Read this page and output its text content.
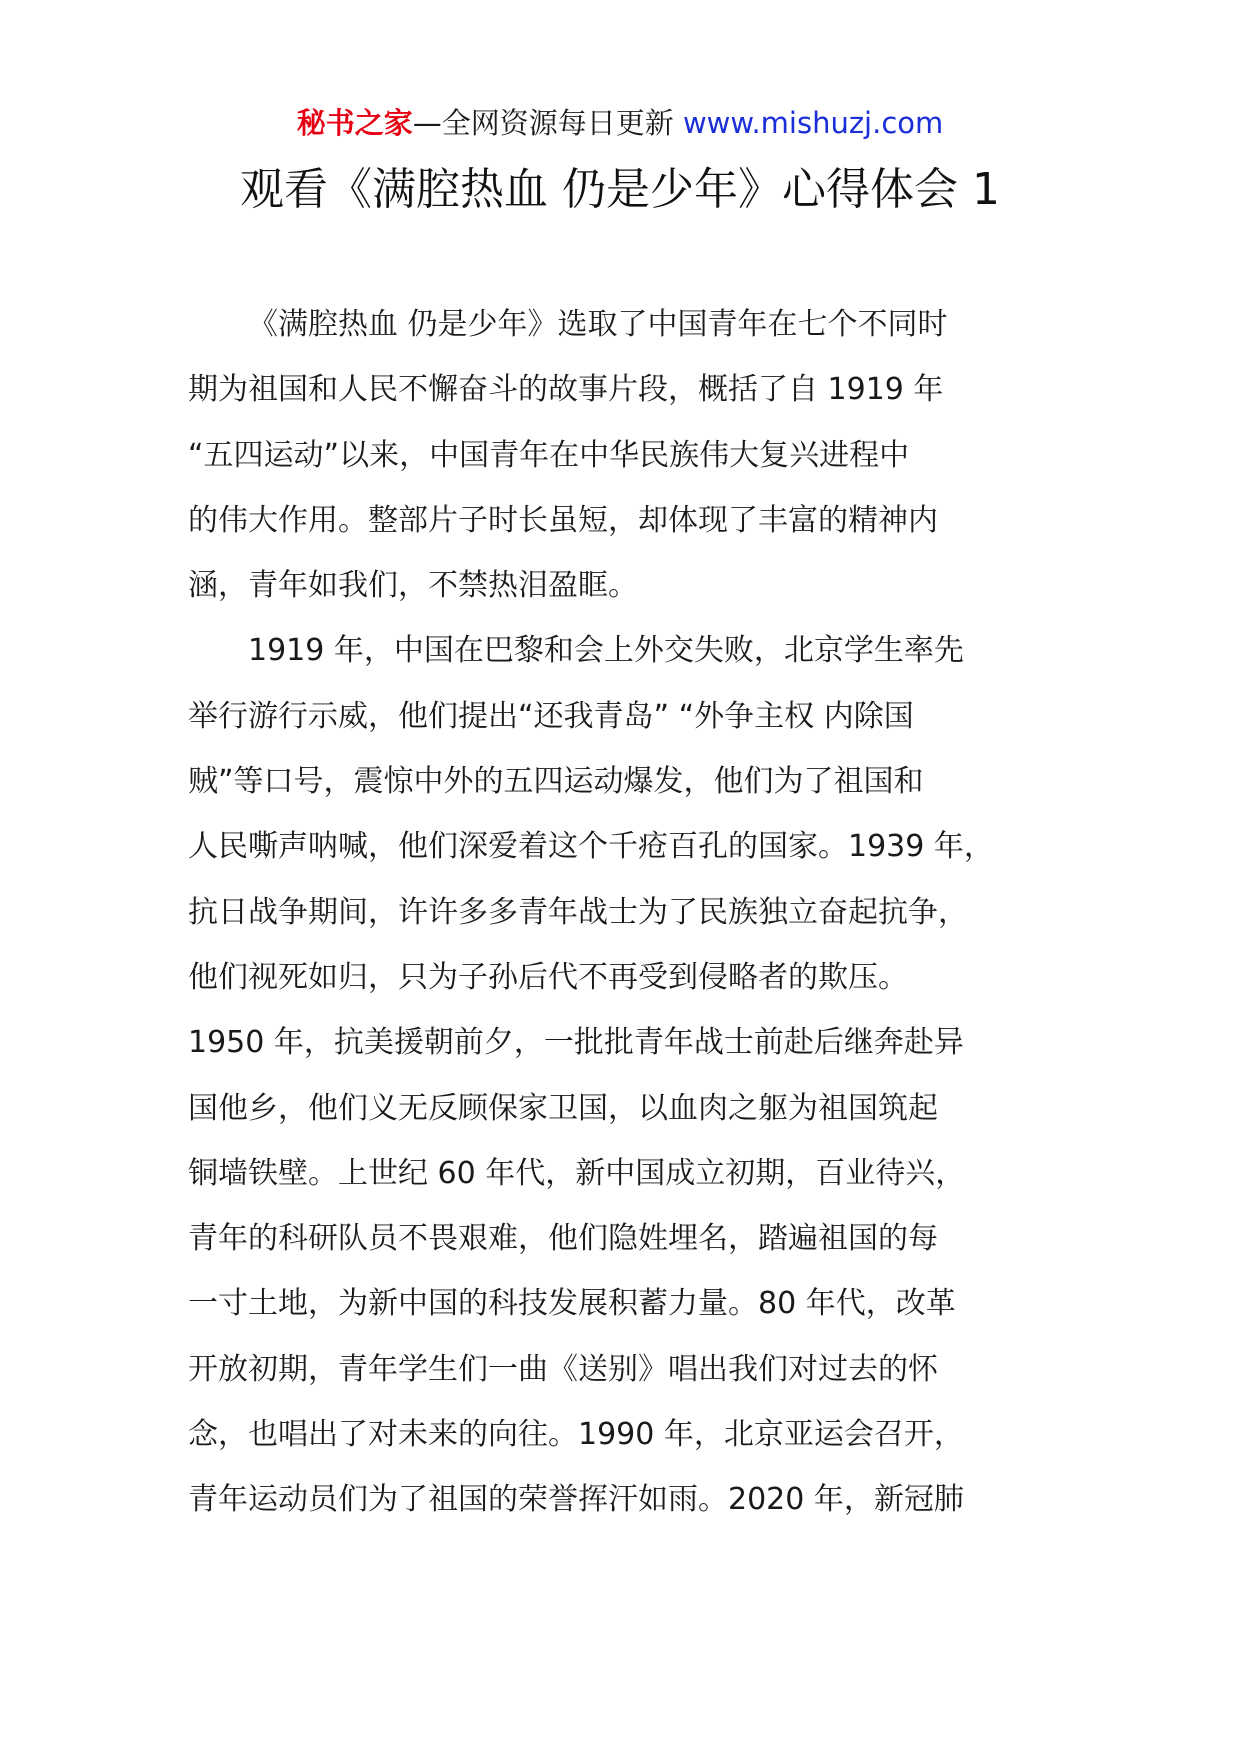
秘书之家—全网资源每日更新 www.mishuzj.com
观看《满腔热血 仍是少年》心得体会 1
《满腔热血 仍是少年》选取了中国青年在七个不同时
期为祖国和人民不懈奋斗的故事片段，概括了自 1919 年
“五四运动”以来，中国青年在中华民族伟大复兴进程中
的伟大作用。整部片子时长虽短，却体现了丰富的精神内
涵，青年如我们，不禁热泪盈眶。
1919 年，中国在巴黎和会上外交失败，北京学生率先
举行游行示威，他们提出“还我青岛” “外争主权 内除国
贼”等口号，震惊中外的五四运动爆发，他们为了祖国和
人民嘶声呐喊，他们深爱着这个千疮百孔的国家。1939 年，
抗日战争期间，许许多多青年战士为了民族独立奋起抗争，
他们视死如归，只为子孙后代不再受到侵略者的欺压。
1950 年，抗美援朝前夕，一批批青年战士前赴后继奔赴异
国他乡，他们义无反顾保家卫国，以血肉之躯为祖国筑起
铜墙铁壁。上世纪 60 年代，新中国成立初期，百业待兴，
青年的科研队员不畏艰难，他们隐姓埋名，踏遍祖国的每
一寸土地，为新中国的科技发展积蓄力量。80 年代，改革
开放初期，青年学生们一曲《送别》唱出我们对过去的怀
念，也唱出了对未来的向往。1990 年，北京亚运会召开，
青年运动员们为了祖国的荣誉挥汗如雨。2020 年，新冠肺
